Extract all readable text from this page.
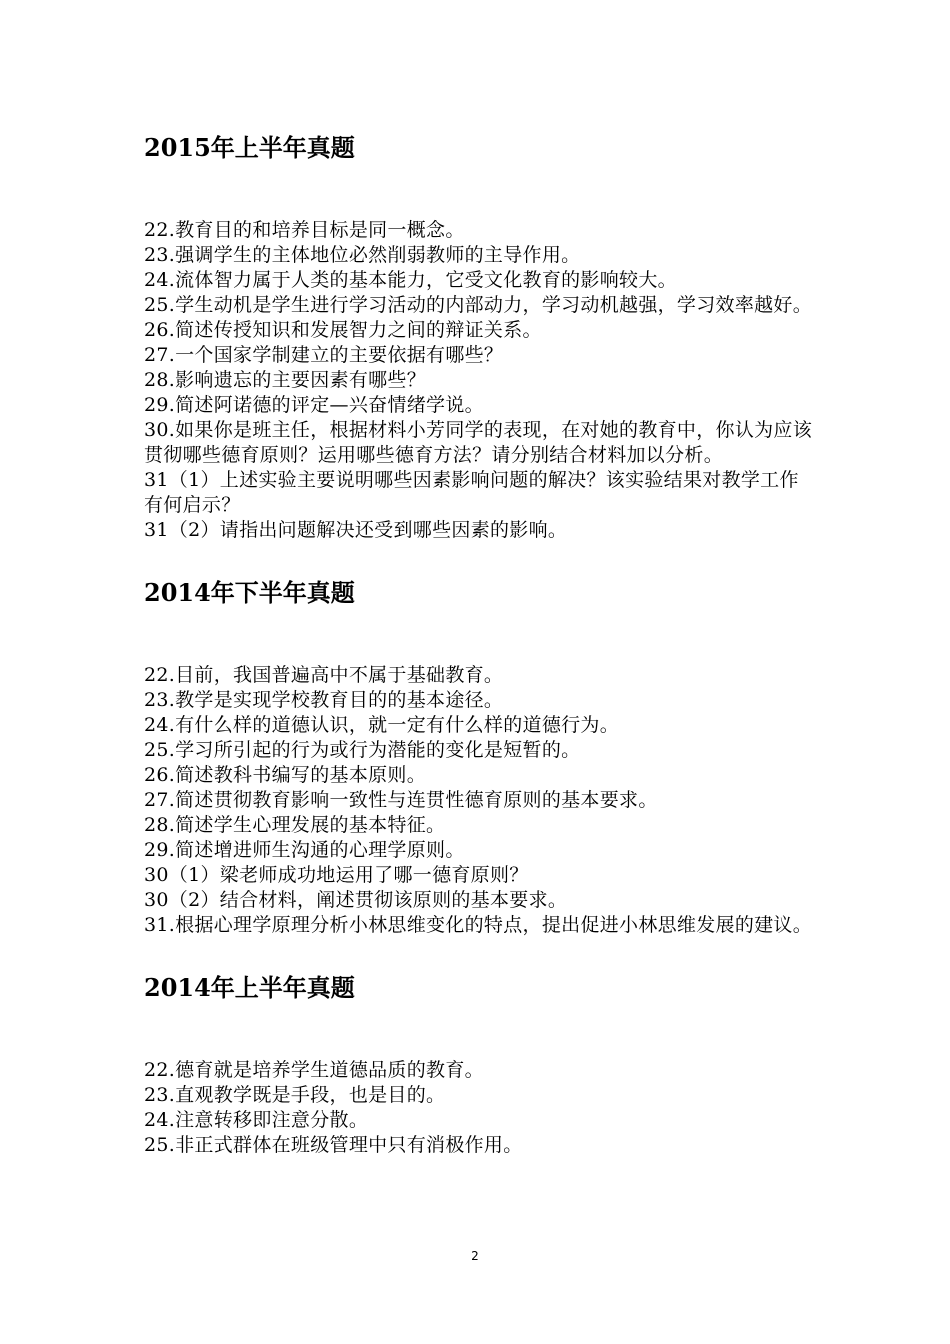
2015年上半年真题

22.教育目的和培养目标是同一概念。

23.强调学生的主体地位必然削弱教师的主导作用。

24.流体智力属于人类的基本能力，它受文化教育的影响较大。

25.学生动机是学生进行学习活动的内部动力，学习动机越强，学习效率越好。

26.简述传授知识和发展智力之间的辩证关系。

27.一个国家学制建立的主要依据有哪些？

28.影响遗忘的主要因素有哪些？

29.简述阿诺德的评定—兴奋情绪学说。

30.如果你是班主任，根据材料小芳同学的表现，在对她的教育中，你认为应该贯彻哪些德育原则？运用哪些德育方法？请分别结合材料加以分析。

31（1）上述实验主要说明哪些因素影响问题的解决？该实验结果对教学工作有何启示？

31（2）请指出问题解决还受到哪些因素的影响。

2014年下半年真题

22.目前，我国普遍高中不属于基础教育。

23.教学是实现学校教育目的的基本途径。

24.有什么样的道德认识，就一定有什么样的道德行为。

25.学习所引起的行为或行为潜能的变化是短暂的。

26.简述教科书编写的基本原则。

27.简述贯彻教育影响一致性与连贯性德育原则的基本要求。

28.简述学生心理发展的基本特征。

29.简述增进师生沟通的心理学原则。

30（1）梁老师成功地运用了哪一德育原则？

30（2）结合材料，阐述贯彻该原则的基本要求。

31.根据心理学原理分析小林思维变化的特点，提出促进小林思维发展的建议。

2014年上半年真题

22.德育就是培养学生道德品质的教育。

23.直观教学既是手段，也是目的。

24.注意转移即注意分散。

25.非正式群体在班级管理中只有消极作用。

2
